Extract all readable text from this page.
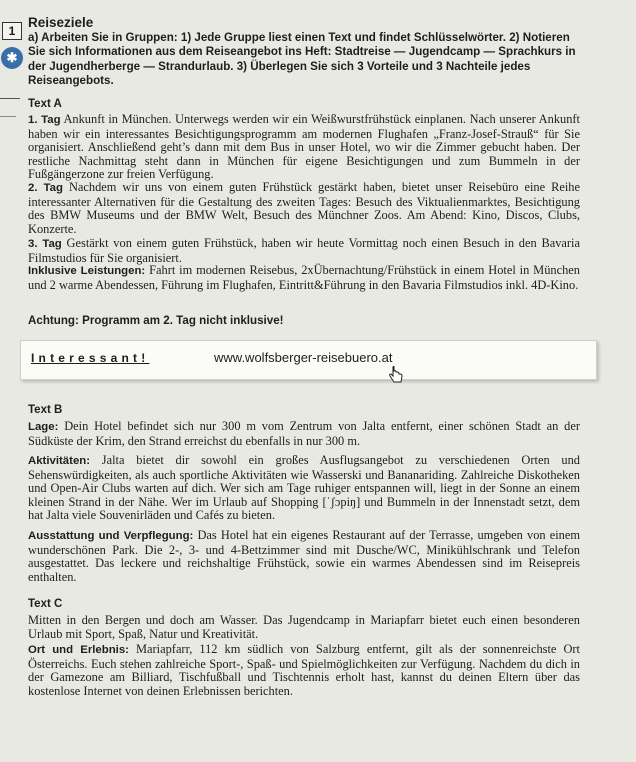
1
✱
Reiseziele
a) Arbeiten Sie in Gruppen: 1) Jede Gruppe liest einen Text und findet Schlüsselwörter. 2) Notieren Sie sich Informationen aus dem Reiseangebot ins Heft: Stadtreise — Jugendcamp — Sprachkurs in der Jugendherberge — Strandurlaub. 3) Überlegen Sie sich 3 Vorteile und 3 Nachteile jedes Reiseangebots.
Text A
1. Tag Ankunft in München. Unterwegs werden wir ein Weißwurstfrühstück einplanen. Nach unserer Ankunft haben wir ein interessantes Besichtigungsprogramm am modernen Flughafen „Franz-Josef-Strauß“ für Sie organisiert. Anschließend geht’s dann mit dem Bus in unser Hotel, wo wir die Zimmer gebucht haben. Der restliche Nachmittag steht dann in München für eigene Besichtigungen und zum Bummeln in der Fußgängerzone zur freien Verfügung.
2. Tag Nachdem wir uns von einem guten Frühstück gestärkt haben, bietet unser Reisebüro eine Reihe interessanter Alternativen für die Gestaltung des zweiten Tages: Besuch des Viktualienmarktes, Besichtigung des BMW Museums und der BMW Welt, Besuch des Münchner Zoos. Am Abend: Kino, Discos, Clubs, Konzerte.
3. Tag Gestärkt von einem guten Frühstück, haben wir heute Vormittag noch einen Besuch in den Bavaria Filmstudios für Sie organisiert.
Inklusive Leistungen: Fahrt im modernen Reisebus, 2xÜbernachtung/Frühstück in einem Hotel in München und 2 warme Abendessen, Führung im Flughafen, Eintritt&Führung in den Bavaria Filmstudios inkl. 4D-Kino.
Achtung: Programm am 2. Tag nicht inklusive!
Interessant!	www.wolfsberger-reisebuero.at
Text B
Lage: Dein Hotel befindet sich nur 300 m vom Zentrum von Jalta entfernt, einer schönen Stadt an der Südküste der Krim, den Strand erreichst du ebenfalls in nur 300 m.
Aktivitäten: Jalta bietet dir sowohl ein großes Ausflugsangebot zu verschiedenen Orten und Sehenswürdigkeiten, als auch sportliche Aktivitäten wie Wasserski und Bananariding. Zahlreiche Diskotheken und Open-Air Clubs warten auf dich. Wer sich am Tage ruhiger entspannen will, liegt in der Sonne an einem kleinen Strand in der Nähe. Wer im Urlaub auf Shopping [ˈʃɔpiŋ] und Bummeln in der Innenstadt setzt, dem hat Jalta viele Souvenirläden und Cafés zu bieten.
Ausstattung und Verpflegung: Das Hotel hat ein eigenes Restaurant auf der Terrasse, umgeben von einem wunderschönen Park. Die 2-, 3- und 4-Bettzimmer sind mit Dusche/WC, Minikühlschrank und Telefon ausgestattet. Das leckere und reichshaltige Frühstück, sowie ein warmes Abendessen sind im Reisepreis enthalten.
Text C
Mitten in den Bergen und doch am Wasser. Das Jugendcamp in Mariapfarr bietet euch einen besonderen Urlaub mit Sport, Spaß, Natur und Kreativität.
Ort und Erlebnis: Mariapfarr, 112 km südlich von Salzburg entfernt, gilt als der sonnenreichste Ort Österreichs. Euch stehen zahlreiche Sport-, Spaß- und Spielmöglichkeiten zur Verfügung. Nachdem du dich in der Gamezone am Billiard, Tischfußball und Tischtennis erholt hast, kannst du deinen Eltern über das kostenlose Internet von deinen Erlebnissen berichten.
